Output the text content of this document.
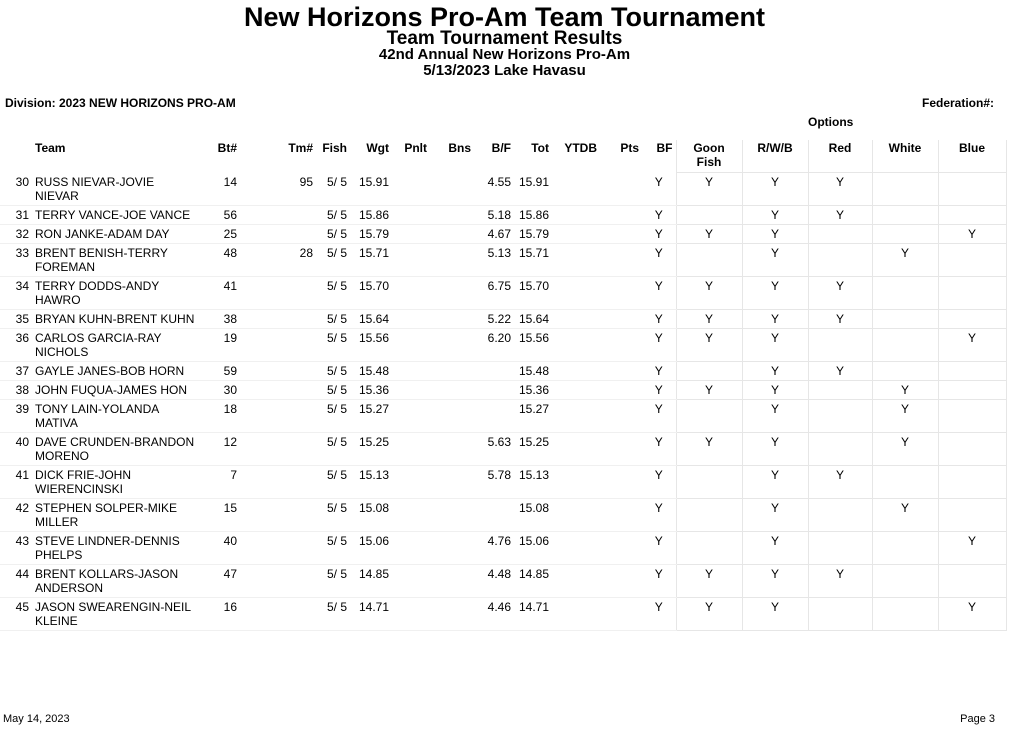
New Horizons Pro-Am Team Tournament
Team Tournament Results
42nd Annual New Horizons Pro-Am
5/13/2023 Lake Havasu
Division: 2023 NEW HORIZONS PRO-AM	Federation#:
Options
	Team	Bt#	Tm#	Fish	Wgt	Pnlt	Bns	B/F	Tot	YTDB	Pts	BF	Goon Fish	R/W/B	Red	White	Blue
30	RUSS NIEVAR-JOVIE NIEVAR	14	95	5/ 5	15.91			4.55	15.91			Y	Y	Y	Y		
31	TERRY VANCE-JOE VANCE	56		5/ 5	15.86			5.18	15.86			Y		Y	Y		
32	RON JANKE-ADAM DAY	25		5/ 5	15.79			4.67	15.79			Y	Y	Y			Y
33	BRENT BENISH-TERRY FOREMAN	48	28	5/ 5	15.71			5.13	15.71			Y		Y		Y	
34	TERRY DODDS-ANDY HAWRO	41		5/ 5	15.70			6.75	15.70			Y	Y	Y	Y		
35	BRYAN KUHN-BRENT KUHN	38		5/ 5	15.64			5.22	15.64			Y	Y	Y	Y		
36	CARLOS GARCIA-RAY NICHOLS	19		5/ 5	15.56			6.20	15.56			Y	Y	Y			Y
37	GAYLE JANES-BOB HORN	59		5/ 5	15.48				15.48			Y		Y	Y		
38	JOHN FUQUA-JAMES HON	30		5/ 5	15.36				15.36			Y	Y	Y		Y	
39	TONY LAIN-YOLANDA MATIVA	18		5/ 5	15.27				15.27			Y		Y		Y	
40	DAVE CRUNDEN-BRANDON MORENO	12		5/ 5	15.25			5.63	15.25			Y	Y	Y		Y	
41	DICK FRIE-JOHN WIERENCINSKI	7		5/ 5	15.13			5.78	15.13			Y		Y	Y		
42	STEPHEN SOLPER-MIKE MILLER	15		5/ 5	15.08				15.08			Y		Y		Y	
43	STEVE LINDNER-DENNIS PHELPS	40		5/ 5	15.06			4.76	15.06			Y		Y			Y
44	BRENT KOLLARS-JASON ANDERSON	47		5/ 5	14.85			4.48	14.85			Y	Y	Y	Y		
45	JASON SWEARENGIN-NEIL KLEINE	16		5/ 5	14.71			4.46	14.71			Y	Y	Y			Y
May 14, 2023	Page 3
